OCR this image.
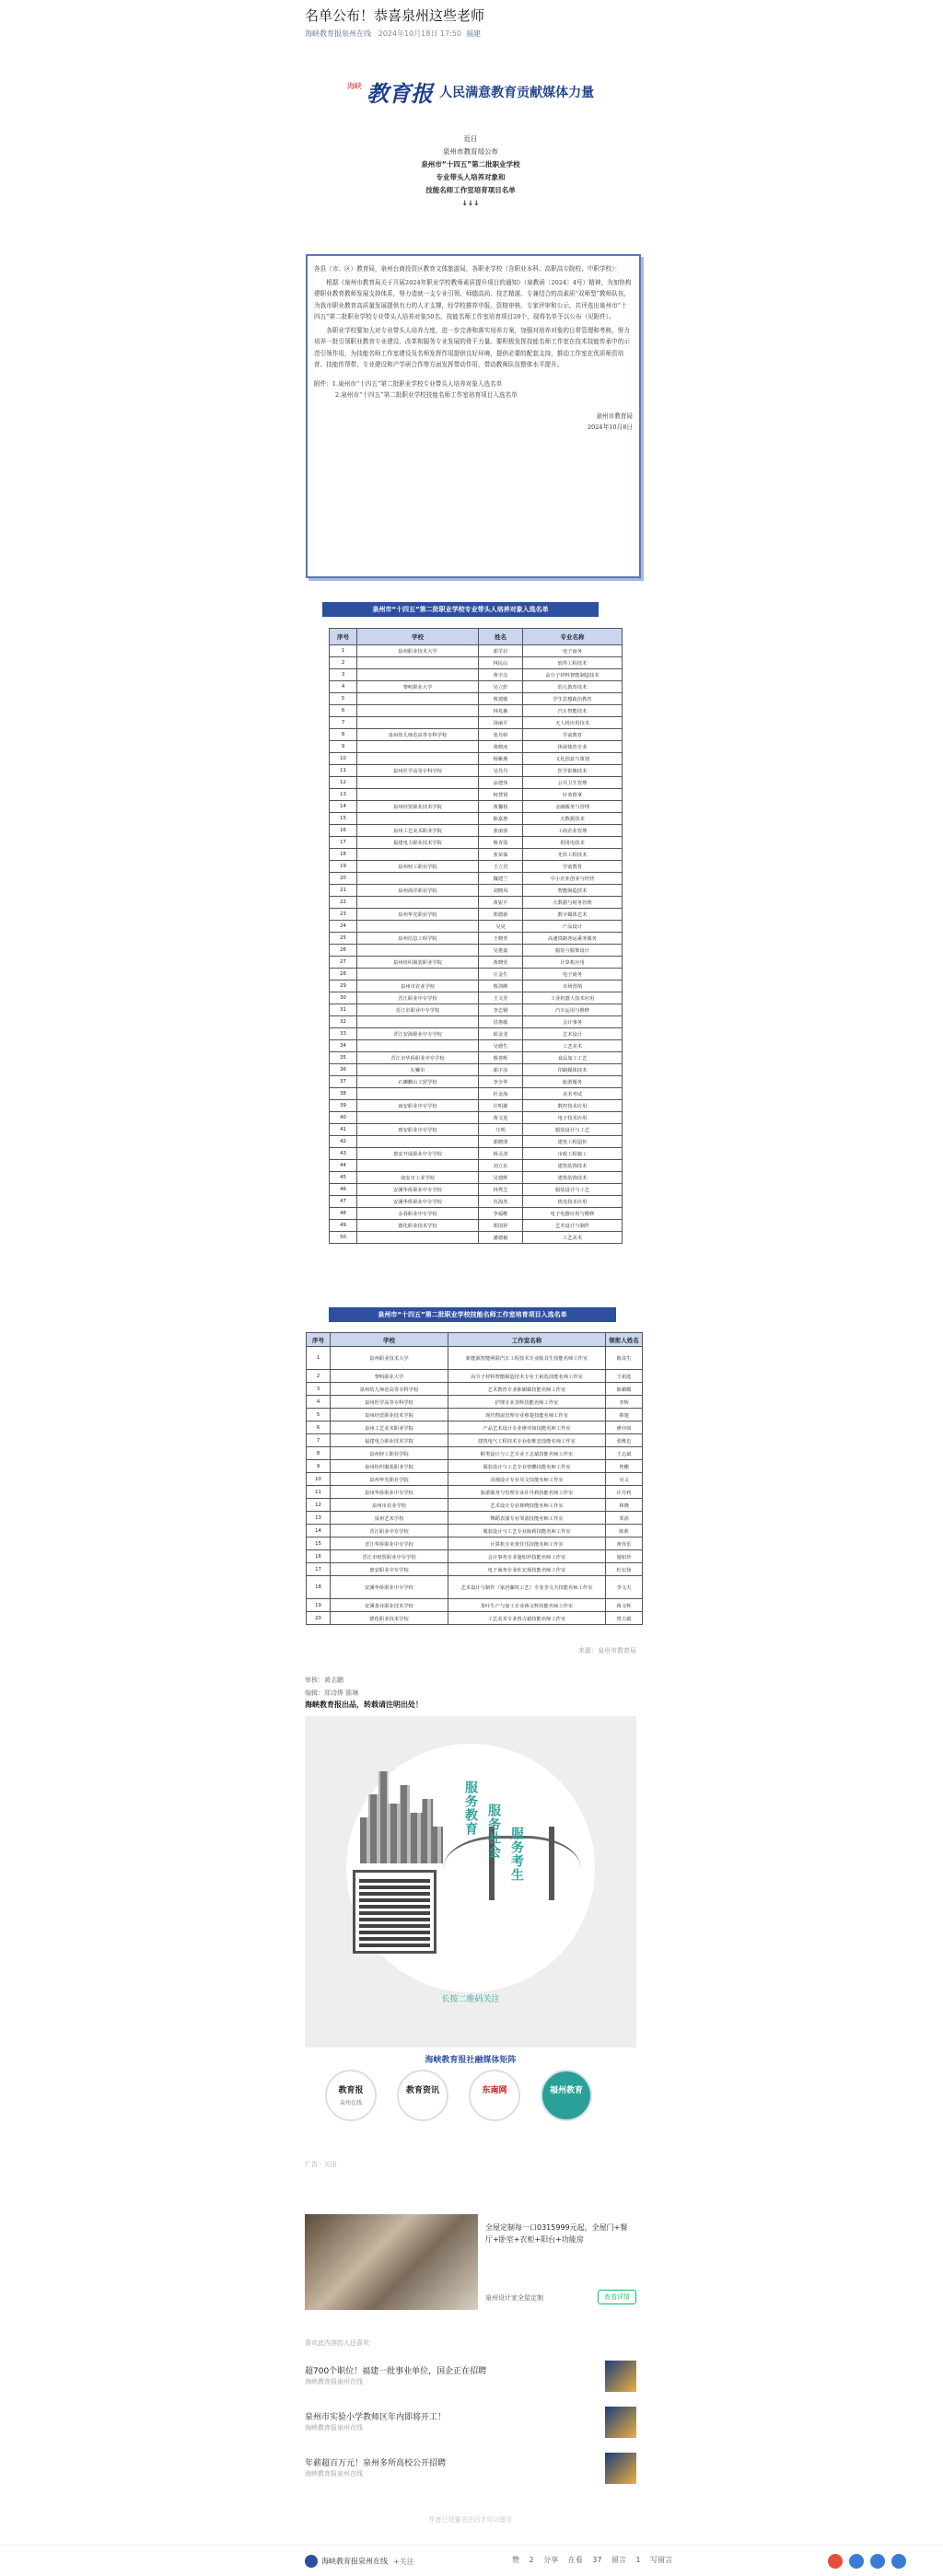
名单公布！恭喜泉州这些老师
海峡教育报泉州在线 2024年10月18日 17:50 福建
海峡 教育报 人民满意教育贡献媒体力量
近日
泉州市教育局公布
泉州市“十四五”第二批职业学校
专业带头人培养对象和
技能名师工作室培育项目名单
↓↓↓

各县（市、区）教育局，泉州台商投资区教育文体旅游局，各职业学校（含职业本科、高职高专院校、中职学校）：

根据《泉州市教育局关于开展2024年职业学校教师素质提升项目的通知》（泉教函〔2024〕4号）精神，为加快构建职业教育教师发展支持体系，努力造就一支专业引领、师德高尚、技艺精湛、专兼结合的高素质“双师型”教师队伍，为我市职业教育高质量发展提供有力的人才支撑，经学校推荐申报、资格审核、专家评审和公示，共评选出泉州市“十四五”第二批职业学校专业带头人培养对象50名，技能名师工作室培育项目20个，现将名单予以公布（见附件）。

各职业学校要加大对专业带头人培养力度，进一步完善和落实培养方案，加强对培养对象的日常管理和考核，努力培养一批引领职业教育专业建设、改革和服务专业发展的骨干力量。要积极发挥技能名师工作室在技术技能传承中的示范引领作用，为技能名师工作室建设及名师发挥作用提供良好环境，提供必要的配套支持，推动工作室在优质师资培育、技能传帮带、专业建设和产学研合作等方面发挥带动作用，带动教师队伍整体水平提升。

附件：1.泉州市“十四五”第二批职业学校专业带头人培养对象入选名单
2.泉州市“十四五”第二批职业学校技能名师工作室培育项目入选名单
泉州市教育局
2024年10月8日
泉州市“十四五”第二批职业学校专业带头人培养对象入选名单
序号	学校	姓名	专业名称
1	泉州职业技术大学	郭学启	电子商务
2		林民山	软件工程技术
3		黄宇亮	高分子材料智能制造技术
4	黎明职业大学	吴立轩	幼儿教育技术
5		蔡建敏	学生思想政治教育
6		林兆森	汽车智能技术
7		汤丽平	无人机应用技术
8	泉州幼儿师范高等专科学校	张丹婷	学前教育
9		黄晓冰	休闲体育专业
10		杨紫燕	文化创意与策划
11	泉州医学高等专科学校	吴丹丹	医学影像技术
12		涂建伟	公共卫生管理
13		柯慧贤	针灸推拿
14	泉州经贸职业技术学院	黄馨枝	金融服务与管理
15		陈嘉惠	大数据技术
16	泉州工艺美术职业学院	张丽蓉	工商企业管理
17	福建电力职业技术学院	蔡青霞	供用电技术
18		张荣保	光伏工程技术
19	泉州轻工职业学院	王立君	学前教育
20		魏建兰	中小企业创业与经营
21	泉州海洋职业学院	刘晓凤	智能制造技术
22		黄银平	大数据与财务管理
23	泉州华光职业学院	郑德新	数字媒体艺术
24		吴昊	产品设计
25	泉州信息工程学院	王晓青	高速铁路客运乘务服务
26		吴惠嘉	服装与服饰设计
27	泉州纺织服装职业学院	黄晓萱	计算机应用
28		庄金生	电子商务
29	泉州市农业学校	蔡剑峰	市场营销
30	晋江职业中专学校	王文芳	工业机器人技术应用
31	晋江市职业中专学校	李志钢	汽车运用与维修
32		洪惠敏	会计事务
33	晋江安海职业中专学校	邱金龙	艺术设计
34		吴德生	工艺美术
35	晋江市华侨职业中专学校	蔡善辉	食品加工工艺
36	石狮市	郭宇彦	印刷媒体技术
37	石狮鹏山工贸学校	李少华	旅游服务
38		杜金海	美术考试
39	南安职业中专学校	许明雄	数控技术应用
40		黄文进	电子技术应用
41	惠安职业中专学校	庄明	服装设计与工艺
42		郭晓清	建筑工程造价
43	惠安开成职业中专学校	杨灵清	市政工程施工
44		刘立东	建筑装饰技术
45	南安市工业学校	吴建辉	建筑装饰技术
46	安溪华侨职业中专学校	林秀芝	服装设计与工艺
47	安溪华侨职业中专学校	苏海杰	机电技术应用
48	永春职业中专学校	李福维	电子电器应用与维修
49	德化职业技术学校	郑国祥	艺术设计与制作
50		潘德毅	工艺美术
泉州市“十四五”第二批职业学校技能名师工作室培育项目入选名单
序号	学校	工作室名称	领衔人姓名
1	泉州职业技术大学	新能源智能网联汽车工程技术专业陈其生技能名师工作室	陈其生
2	黎明职业大学	高分子材料智能制造技术专业王祖选技能名师工作室	王祖选
3	泉州幼儿师范高等专科学校	艺术教育专业陈媚媚技能名师工作室	陈媚媚
4	泉州医学高等专科学校	护理专业李辉技能名师工作室	李辉
5	泉州经贸职业技术学院	现代物流管理专业蔡楚技能名师工作室	蔡楚
6	泉州工艺美术职业学院	产品艺术设计专业廖亦如技能名师工作室	廖亦如
7	福建电力职业技术学院	建筑电气工程技术专业张维忠技能名师工作室	张维忠
8	泉州轻工职业学院	鞋类设计与工艺专业王志斌技能名师工作室	王志斌
9	泉州纺织服装职业学院	服装设计与工艺专业曾鹏技能名师工作室	曾鹏
10	泉州华光职业学院	动漫设计专业吴文技能名师工作室	吴文
11	泉州华侨职业中专学校	旅游服务与管理专业许丹莉技能名师工作室	许丹莉
12	泉州市农业学校	艺术设计专业林晓技能名师工作室	林晓
13	泉州艺术学校	舞蹈表演专业邹菡技能名师工作室	邹菡
14	晋江职业中专学校	服装设计与工艺专业陈莉技能名师工作室	陈莉
15	晋江华侨职业中专学校	计算机专业黄佳乐技能名师工作室	黄佳乐
16	晋江市财贸职业中专学校	会计事务专业施如珍技能名师工作室	施如珍
17	惠安职业中专学校	电子商务专业杜宏扬技能名师工作室	杜宏扬
18	安溪华侨职业中专学校	艺术设计与制作（家居藤铁工艺）专业李文夫技能名师工作室	李文夫
19	安溪茶业职业技术学校	茶叶生产与加工专业蒋文辉技能名师工作室	蒋文辉
20	德化职业技术学校	工艺美术专业曾古毅技能名师工作室	曾古毅
来源：泉州市教育局
审核：黄志鹏
编辑：郑诗烨 陈琳
海峡教育报出品，转载请注明出处！
服务教育 服务社会 服务考生
长按二维码关注
海峡教育报社融媒体矩阵
教育报
泉州在线
教育资讯	东南网	福州教育
广告 · 关闭
全屋定制每一口0315999元起，全屋门+餐厅+卧室+衣柜+阳台+功能房
泉州设计家全屋定制	查看详情
喜欢此内容的人还喜欢
超700个职位！福建一批事业单位，国企正在招聘
海峡教育报泉州在线
泉州市实验小学教师区年内即将开工！
海峡教育报泉州在线
年薪超百万元！泉州多所高校公开招聘
海峡教育报泉州在线
作者已设置关注后才可以留言
海峡教育报泉州在线 +关注	赞 2 分享 在看 37 留言 1 写留言
